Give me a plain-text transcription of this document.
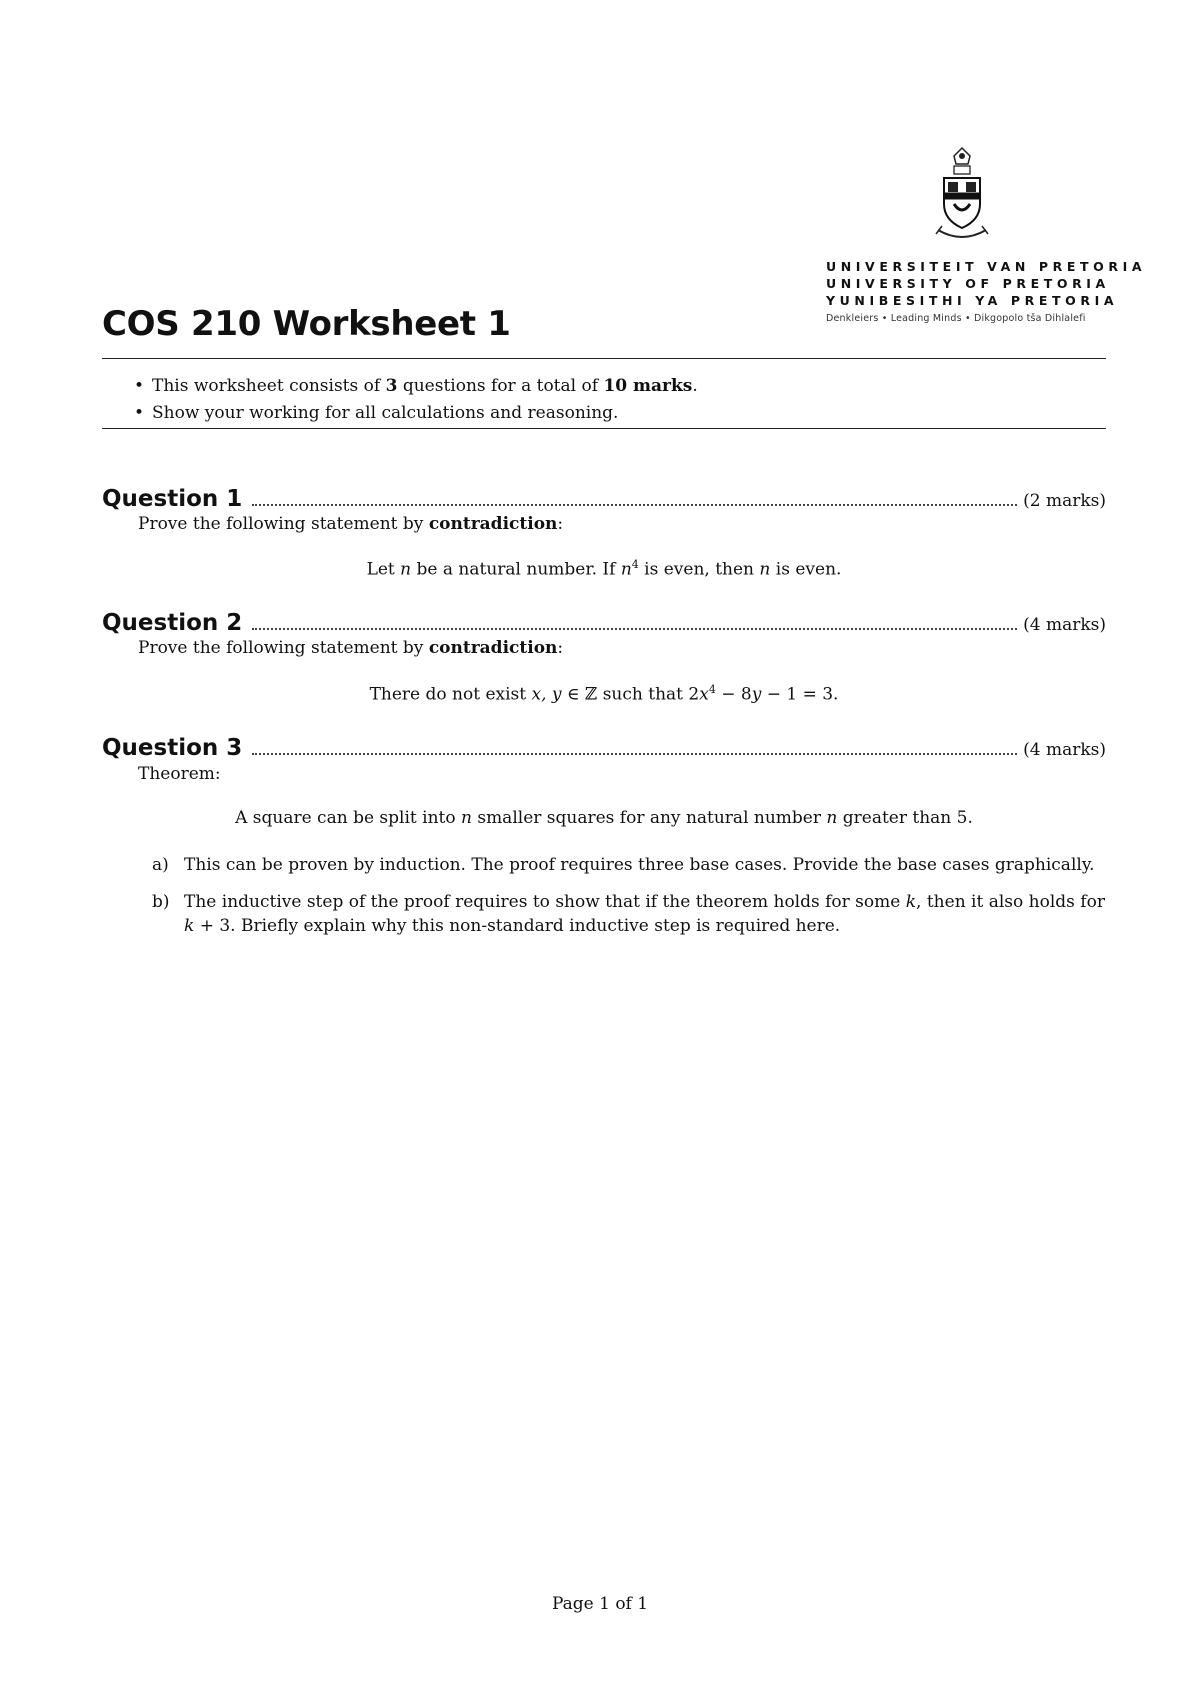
UNIVERSITEIT VAN PRETORIA
UNIVERSITY OF PRETORIA
YUNIBESITHI YA PRETORIA
Denkleiers • Leading Minds • Dikgopolo tša Dihlalefi
COS 210 Worksheet 1
• This worksheet consists of 3 questions for a total of 10 marks.
• Show your working for all calculations and reasoning.
Question 1	(2 marks)
Prove the following statement by contradiction:
Let n be a natural number. If $n^4$ is even, then n is even.
Question 2	(4 marks)
Prove the following statement by contradiction:
There do not exist x, y ∈ ℤ such that $2x^4 - 8y - 1 = 3$.
Question 3	(4 marks)
Theorem:
A square can be split into n smaller squares for any natural number n greater than 5.
a) This can be proven by induction. The proof requires three base cases. Provide the base cases graphically.
b) The inductive step of the proof requires to show that if the theorem holds for some k, then it also holds for k + 3. Briefly explain why this non-standard inductive step is required here.
Page 1 of 1
